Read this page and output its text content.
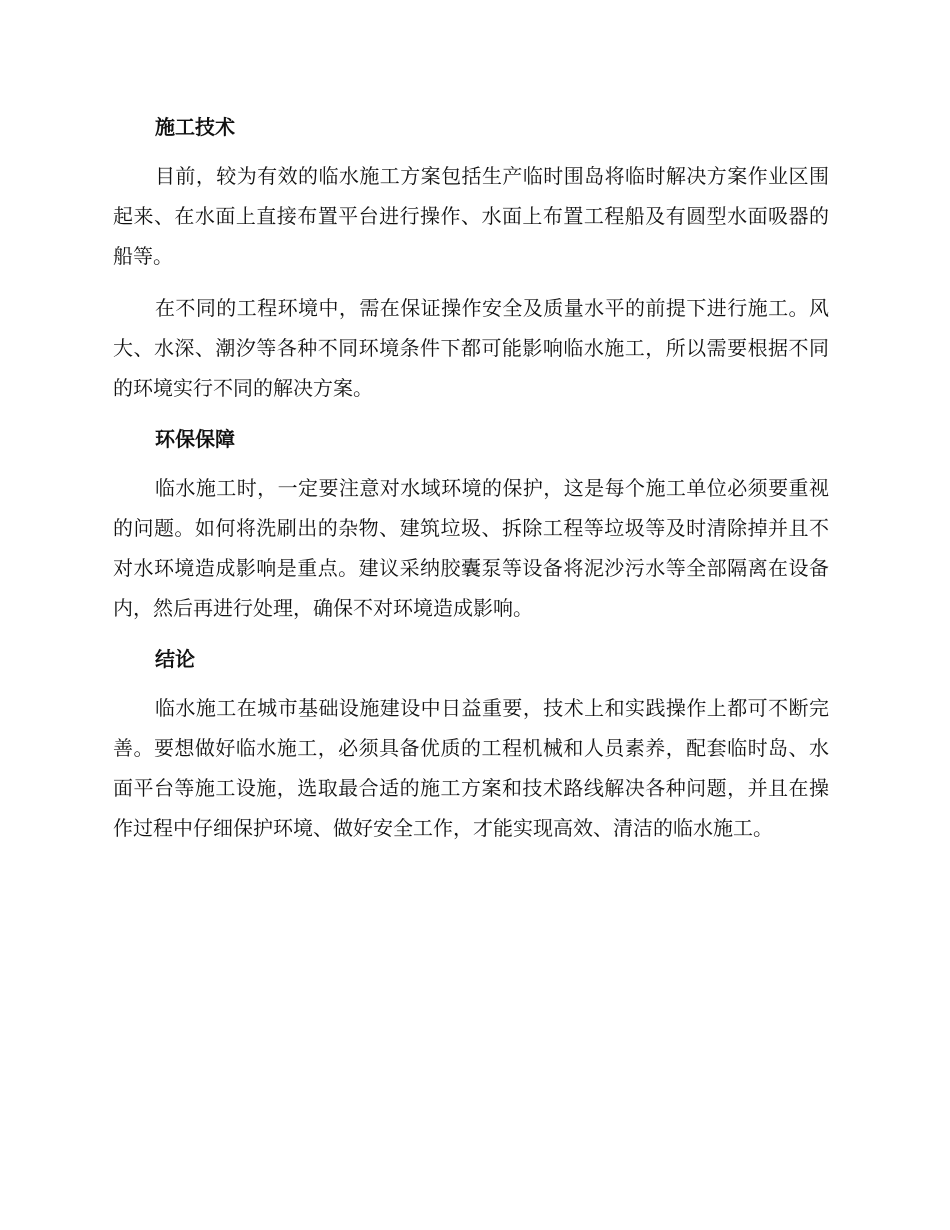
施工技术

目前，较为有效的临水施工方案包括生产临时围岛将临时解决方案作业区围起来、在水面上直接布置平台进行操作、水面上布置工程船及有圆型水面吸器的船等。

在不同的工程环境中，需在保证操作安全及质量水平的前提下进行施工。风大、水深、潮汐等各种不同环境条件下都可能影响临水施工，所以需要根据不同的环境实行不同的解决方案。

环保保障

临水施工时，一定要注意对水域环境的保护，这是每个施工单位必须要重视的问题。如何将洗刷出的杂物、建筑垃圾、拆除工程等垃圾等及时清除掉并且不对水环境造成影响是重点。建议采纳胶囊泵等设备将泥沙污水等全部隔离在设备内，然后再进行处理，确保不对环境造成影响。

结论

临水施工在城市基础设施建设中日益重要，技术上和实践操作上都可不断完善。要想做好临水施工，必须具备优质的工程机械和人员素养，配套临时岛、水面平台等施工设施，选取最合适的施工方案和技术路线解决各种问题，并且在操作过程中仔细保护环境、做好安全工作，才能实现高效、清洁的临水施工。
